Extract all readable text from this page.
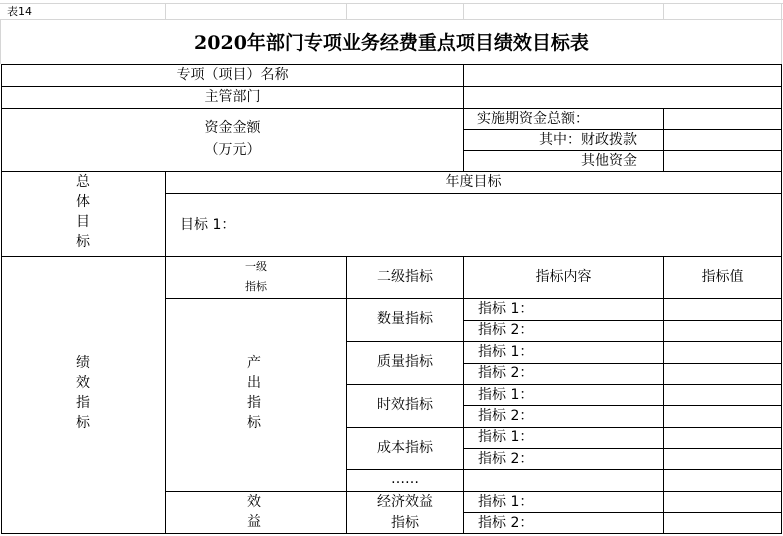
表14
2020年部门专项业务经费重点项目绩效目标表
专项（项目）名称
主管部门
资金金额
（万元）
实施期资金总额：
其中：财政拨款
其他资金
总
体
目
标
年度目标
目标 1：
绩
效
指
标
一级
指标
二级指标	指标内容	指标值
产
出
指
标
数量指标
质量指标
时效指标
成本指标
……
指标 1：
指标 2：
指标 1：
指标 2：
指标 1：
指标 2：
指标 1：
指标 2：
效
益
经济效益
指标
指标 1：
指标 2：
